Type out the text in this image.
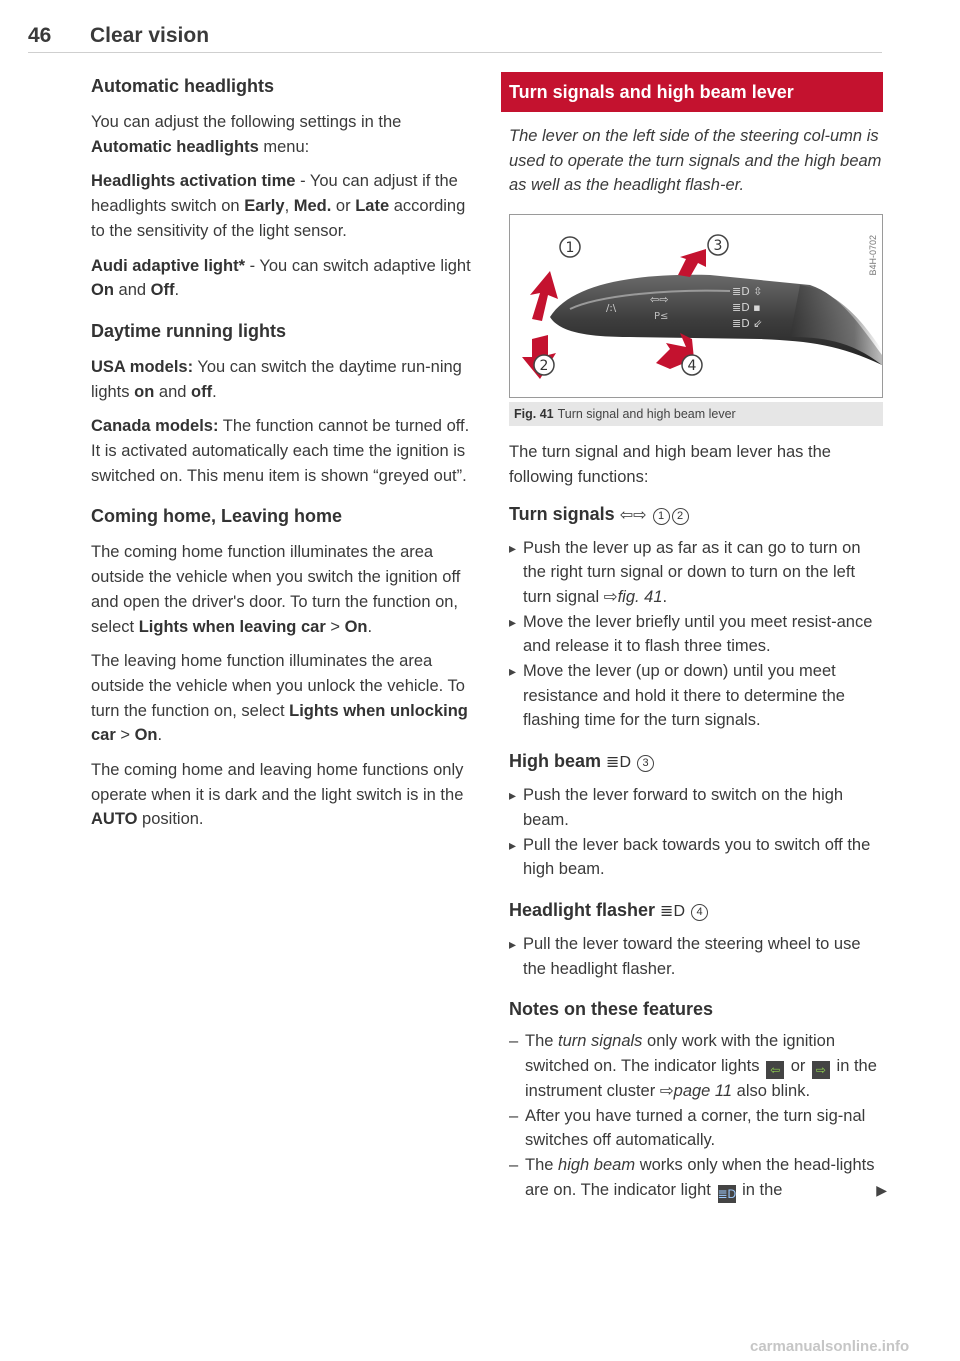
46 Clear vision
Automatic headlights

You can adjust the following settings in the Automatic headlights menu:

Headlights activation time - You can adjust if the headlights switch on Early, Med. or Late according to the sensitivity of the light sensor.

Audi adaptive light* - You can switch adaptive light On and Off.

Daytime running lights

USA models: You can switch the daytime run-ning lights on and off.

Canada models: The function cannot be turned off. It is activated automatically each time the ignition is switched on. This menu item is shown “greyed out”.

Coming home, Leaving home

The coming home function illuminates the area outside the vehicle when you switch the ignition off and open the driver's door. To turn the function on, select Lights when leaving car > On.

The leaving home function illuminates the area outside the vehicle when you unlock the vehicle. To turn the function on, select Lights when unlocking car > On.

The coming home and leaving home functions only operate when it is dark and the light switch is in the AUTO position.

Turn signals and high beam lever

The lever on the left side of the steering col-umn is used to operate the turn signals and the high beam as well as the headlight flash-er.

/:\
⇦⇨
P≤
≣D ⇳
≣D ▪
≣D ⇙
1
2
3
4
B4H-0702
Fig. 41 Turn signal and high beam lever

The turn signal and high beam lever has the following functions:

Turn signals ⇦⇨ 1 2
▸ Push the lever up as far as it can go to turn on the right turn signal or down to turn on the left turn signal ⇨fig. 41.
▸ Move the lever briefly until you meet resist-ance and release it to flash three times.
▸ Move the lever (up or down) until you meet resistance and hold it there to determine the flashing time for the turn signals.
High beam ≣D 3
▸ Push the lever forward to switch on the high beam.
▸ Pull the lever back towards you to switch off the high beam.
Headlight flasher ≣D 4
▸ Pull the lever toward the steering wheel to use the headlight flasher.
Notes on these features
– The turn signals only work with the ignition switched on. The indicator lights ⇦ or ⇨ in the instrument cluster ⇨page 11 also blink.
– After you have turned a corner, the turn sig-nal switches off automatically.
– The high beam works only when the head-lights are on. The indicator light ≣D in the	▶
carmanualsonline.info
